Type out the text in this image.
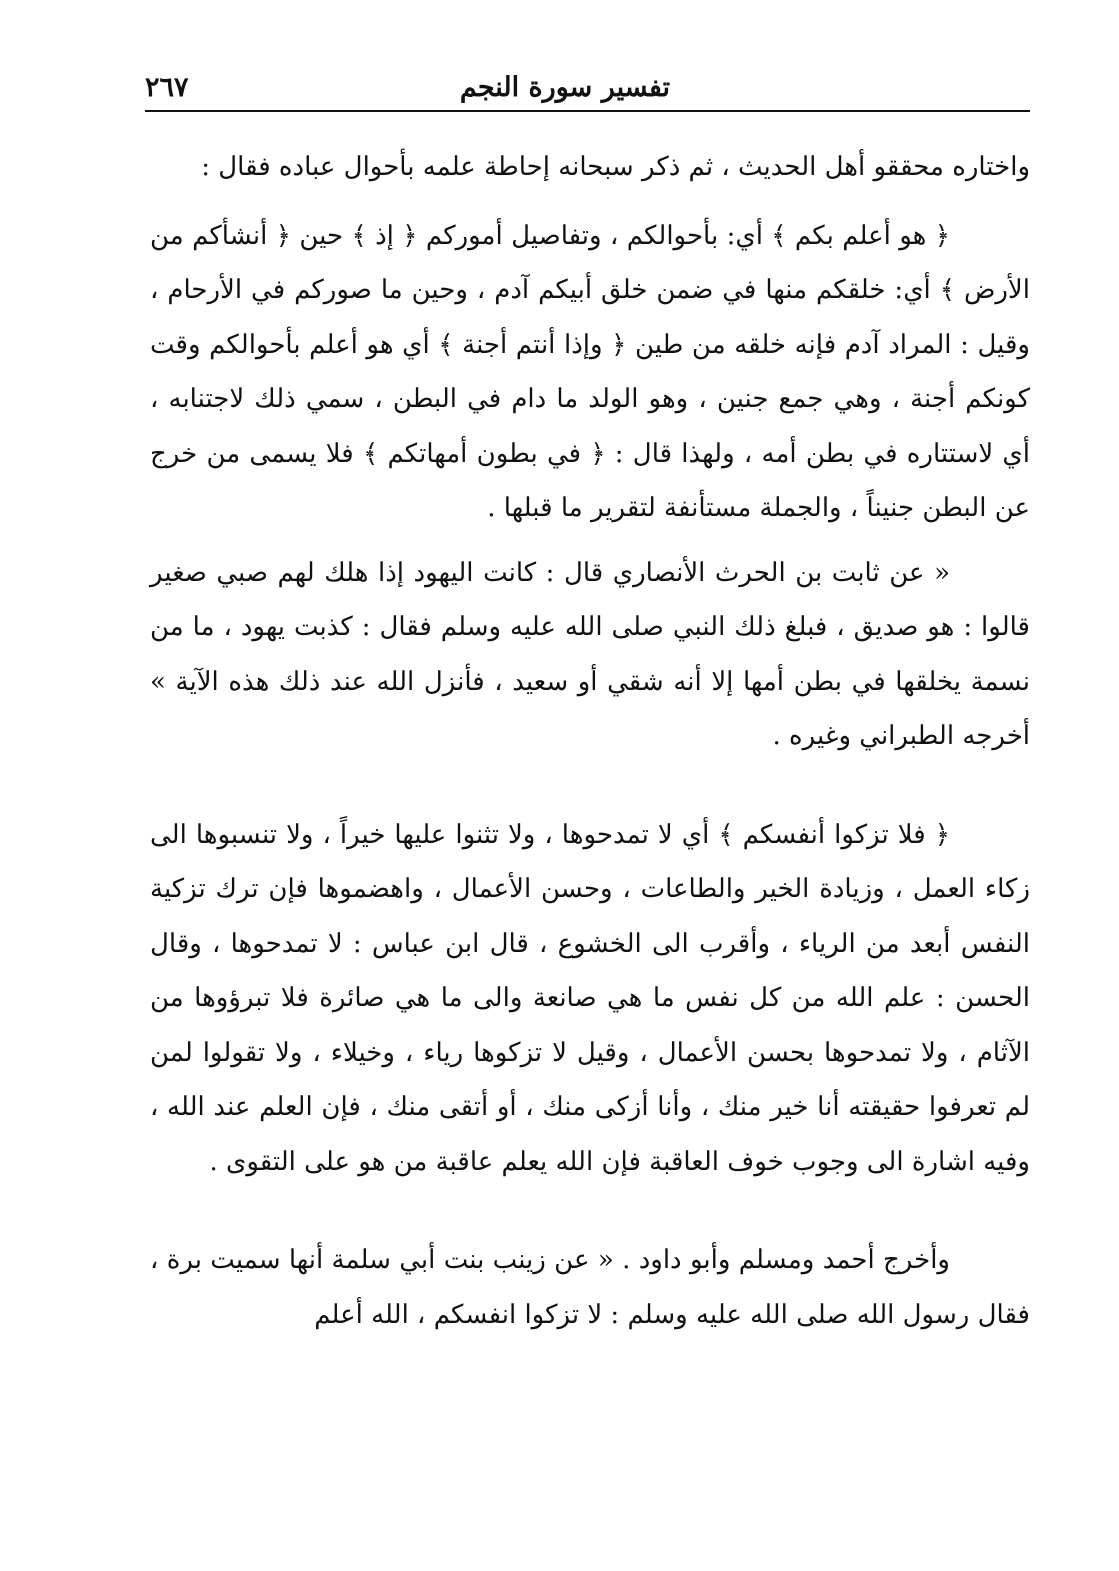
تفسير سورة النجم
٢٦٧

واختاره محققو أهل الحديث ، ثم ذكر سبحانه إحاطة علمه بأحوال عباده فقال :

﴿ هو أعلم بكم ﴾ أي: بأحوالكم ، وتفاصيل أموركم ﴿ إذ ﴾ حين ﴿ أنشأكم من الأرض ﴾ أي: خلقكم منها في ضمن خلق أبيكم آدم ، وحين ما صوركم في الأرحام ، وقيل : المراد آدم فإنه خلقه من طين ﴿ وإذا أنتم أجنة ﴾ أي هو أعلم بأحوالكم وقت كونكم أجنة ، وهي جمع جنين ، وهو الولد ما دام في البطن ، سمي ذلك لاجتنابه ، أي لاستتاره في بطن أمه ، ولهذا قال : ﴿ في بطون أمهاتكم ﴾ فلا يسمى من خرج عن البطن جنيناً ، والجملة مستأنفة لتقرير ما قبلها .

« عن ثابت بن الحرث الأنصاري قال : كانت اليهود إذا هلك لهم صبي صغير قالوا : هو صديق ، فبلغ ذلك النبي صلى الله عليه وسلم فقال : كذبت يهود ، ما من نسمة يخلقها في بطن أمها إلا أنه شقي أو سعيد ، فأنزل الله عند ذلك هذه الآية » أخرجه الطبراني وغيره .

﴿ فلا تزكوا أنفسكم ﴾ أي لا تمدحوها ، ولا تثنوا عليها خيراً ، ولا تنسبوها الى زكاء العمل ، وزيادة الخير والطاعات ، وحسن الأعمال ، واهضموها فإن ترك تزكية النفس أبعد من الرياء ، وأقرب الى الخشوع ، قال ابن عباس : لا تمدحوها ، وقال الحسن : علم الله من كل نفس ما هي صانعة والى ما هي صائرة فلا تبرؤوها من الآثام ، ولا تمدحوها بحسن الأعمال ، وقيل لا تزكوها رياء ، وخيلاء ، ولا تقولوا لمن لم تعرفوا حقيقته أنا خير منك ، وأنا أزكى منك ، أو أتقى منك ، فإن العلم عند الله ، وفيه اشارة الى وجوب خوف العاقبة فإن الله يعلم عاقبة من هو على التقوى .

وأخرج أحمد ومسلم وأبو داود . « عن زينب بنت أبي سلمة أنها سميت برة ، فقال رسول الله صلى الله عليه وسلم : لا تزكوا انفسكم ، الله أعلم
